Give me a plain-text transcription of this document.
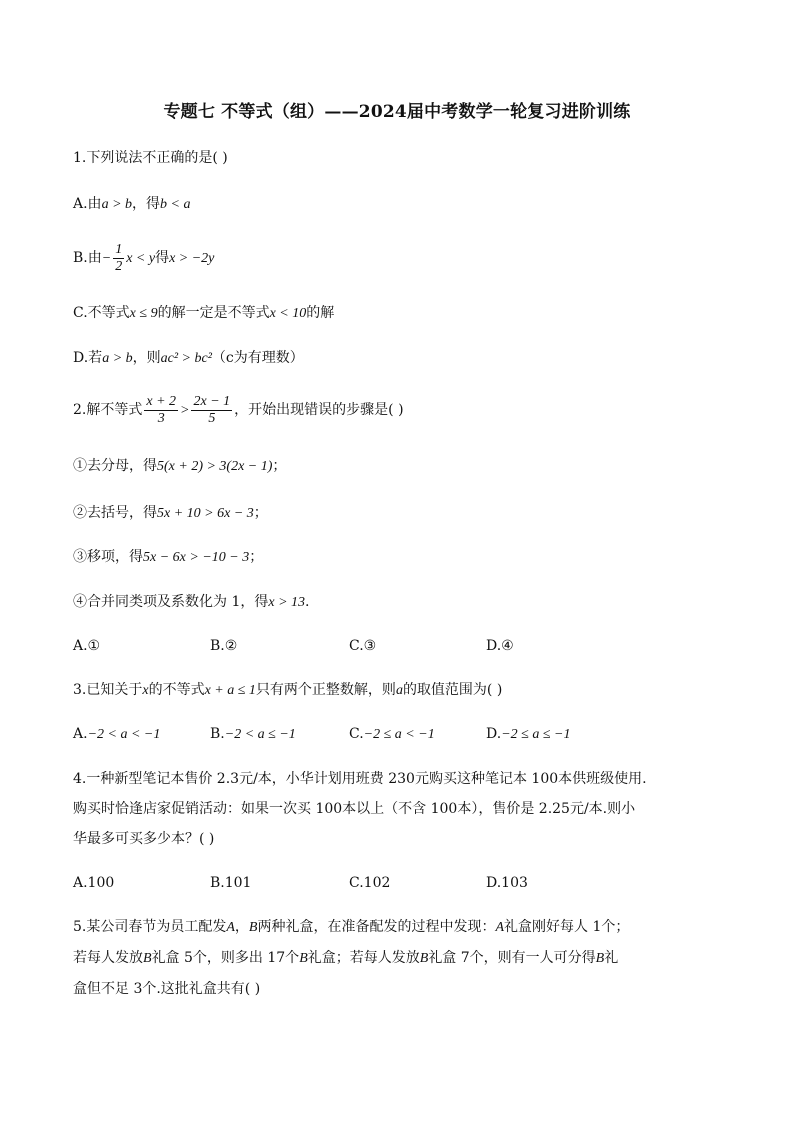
专题七 不等式（组）——2024届中考数学一轮复习进阶训练
1.下列说法不正确的是( )
A.由a > b，得b < a
B.由− $\frac{1}{2}$ x < y得x > −2y
C.不等式x ≤ 9的解一定是不等式x < 10的解
D.若a > b，则ac² > bc²（c为有理数）
2.解不等式 $\frac{x + 2}{3} > \frac{2x - 1}{5}$ ，开始出现错误的步骤是( )
①去分母，得5(x + 2) > 3(2x − 1)；
②去括号，得5x + 10 > 6x − 3；
③移项，得5x − 6x > −10 − 3；
④合并同类项及系数化为 1，得x > 13.
A.①	B.②	C.③	D.④
3.已知关于x的不等式x + a ≤ 1只有两个正整数解，则a的取值范围为( )
A.−2 < a < −1	B.−2 < a ≤ −1	C.−2 ≤ a < −1	D.−2 ≤ a ≤ −1
4.一种新型笔记本售价 2.3元/本，小华计划用班费 230元购买这种笔记本 100本供班级使用.
购买时恰逢店家促销活动：如果一次买 100本以上（不含 100本），售价是 2.25元/本.则小
华最多可买多少本？( )
A.100	B.101	C.102	D.103
5.某公司春节为员工配发A，B两种礼盒，在准备配发的过程中发现：A礼盒刚好每人 1个；
若每人发放B礼盒 5个，则多出 17个B礼盒；若每人发放B礼盒 7个，则有一人可分得B礼
盒但不足 3个.这批礼盒共有( )
